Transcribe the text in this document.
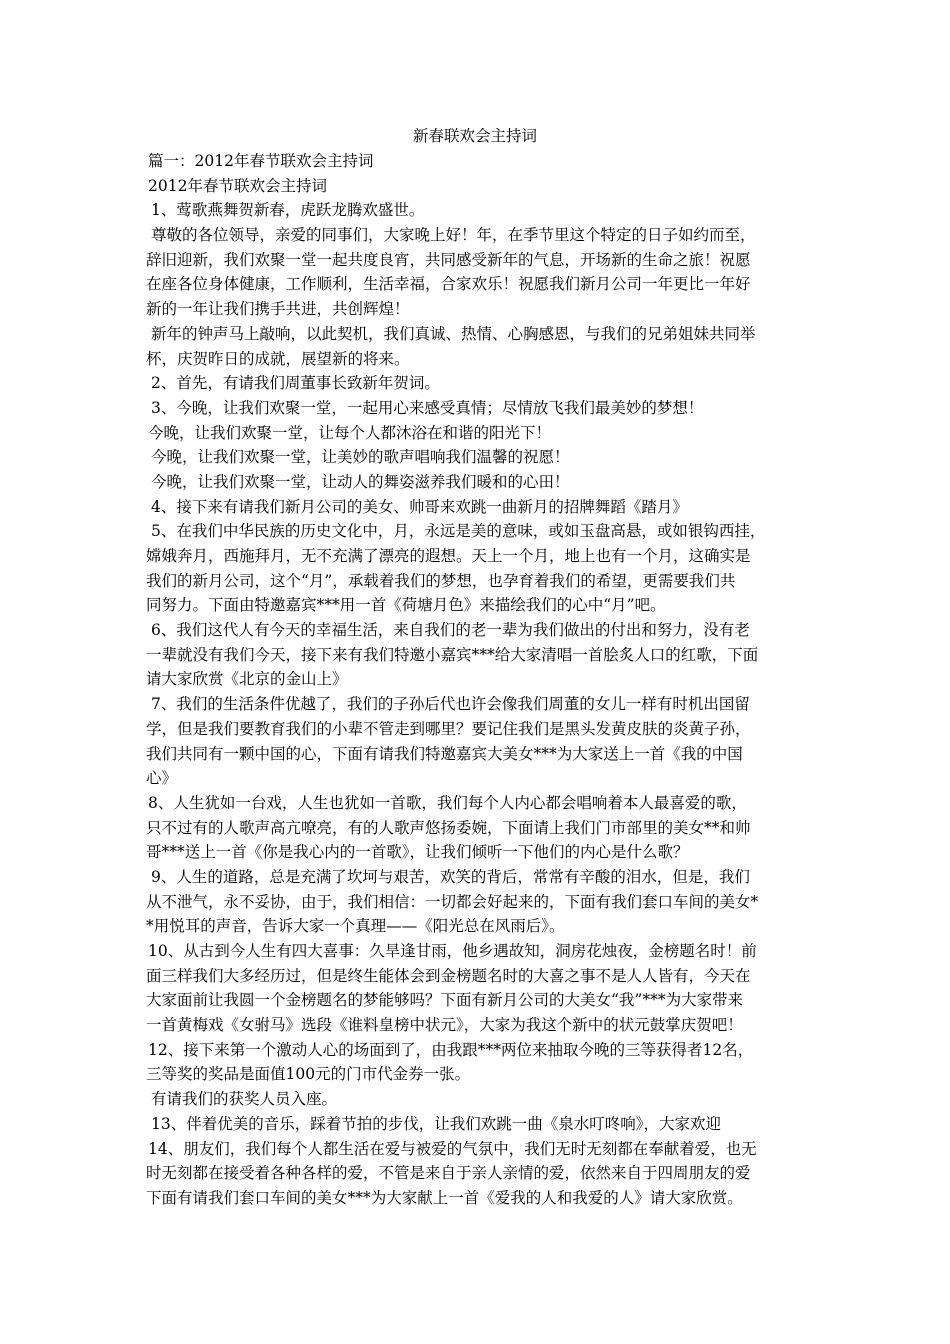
新春联欢会主持词
篇一：2012年春节联欢会主持词
2012年春节联欢会主持词
1、莺歌燕舞贺新春，虎跃龙腾欢盛世。
尊敬的各位领导，亲爱的同事们，大家晚上好！年，在季节里这个特定的日子如约而至，
辞旧迎新，我们欢聚一堂一起共度良宵，共同感受新年的气息，开场新的生命之旅！祝愿
在座各位身体健康，工作顺利，生活幸福，合家欢乐！祝愿我们新月公司一年更比一年好
新的一年让我们携手共进，共创辉煌！
新年的钟声马上敲响，以此契机，我们真诚、热情、心胸感恩，与我们的兄弟姐妹共同举
杯，庆贺昨日的成就，展望新的将来。
2、首先，有请我们周董事长致新年贺词。
3、今晚，让我们欢聚一堂，一起用心来感受真情；尽情放飞我们最美妙的梦想！
今晚，让我们欢聚一堂，让每个人都沐浴在和谐的阳光下！
今晚，让我们欢聚一堂，让美妙的歌声唱响我们温馨的祝愿！
今晚，让我们欢聚一堂，让动人的舞姿滋养我们暖和的心田！
4、接下来有请我们新月公司的美女、帅哥来欢跳一曲新月的招牌舞蹈《踏月》
5、在我们中华民族的历史文化中，月，永远是美的意味，或如玉盘高悬，或如银钩西挂，
嫦娥奔月，西施拜月，无不充满了漂亮的遐想。天上一个月，地上也有一个月，这确实是
我们的新月公司，这个“月”，承载着我们的梦想，也孕育着我们的希望，更需要我们共
同努力。下面由特邀嘉宾***用一首《荷塘月色》来描绘我们的心中“月”吧。
6、我们这代人有今天的幸福生活，来自我们的老一辈为我们做出的付出和努力，没有老
一辈就没有我们今天，接下来有我们特邀小嘉宾***给大家清唱一首脍炙人口的红歌，下面
请大家欣赏《北京的金山上》
7、我们的生活条件优越了，我们的子孙后代也许会像我们周董的女儿一样有时机出国留
学，但是我们要教育我们的小辈不管走到哪里？要记住我们是黑头发黄皮肤的炎黄子孙，
我们共同有一颗中国的心，下面有请我们特邀嘉宾大美女***为大家送上一首《我的中国
心》
8、人生犹如一台戏，人生也犹如一首歌，我们每个人内心都会唱响着本人最喜爱的歌，
只不过有的人歌声高亢嘹亮，有的人歌声悠扬委婉，下面请上我们门市部里的美女**和帅
哥***送上一首《你是我心内的一首歌》，让我们倾听一下他们的内心是什么歌？
9、人生的道路，总是充满了坎坷与艰苦，欢笑的背后，常常有辛酸的泪水，但是，我们
从不泄气，永不妥协，由于，我们相信：一切都会好起来的，下面有我们套口车间的美女*
*用悦耳的声音，告诉大家一个真理——《阳光总在风雨后》。
10、从古到今人生有四大喜事：久旱逢甘雨，他乡遇故知，洞房花烛夜，金榜题名时！前
面三样我们大多经历过，但是终生能体会到金榜题名时的大喜之事不是人人皆有，今天在
大家面前让我圆一个金榜题名的梦能够吗？下面有新月公司的大美女“我”***为大家带来
一首黄梅戏《女驸马》选段《谁料皇榜中状元》，大家为我这个新中的状元鼓掌庆贺吧！
12、接下来第一个激动人心的场面到了，由我跟***两位来抽取今晚的三等获得者12名，
三等奖的奖品是面值100元的门市代金券一张。
有请我们的获奖人员入座。
13、伴着优美的音乐，踩着节拍的步伐，让我们欢跳一曲《泉水叮咚响》，大家欢迎
14、朋友们，我们每个人都生活在爱与被爱的气氛中，我们无时无刻都在奉献着爱，也无
时无刻都在接受着各种各样的爱，不管是来自于亲人亲情的爱，依然来自于四周朋友的爱
下面有请我们套口车间的美女***为大家献上一首《爱我的人和我爱的人》请大家欣赏。
